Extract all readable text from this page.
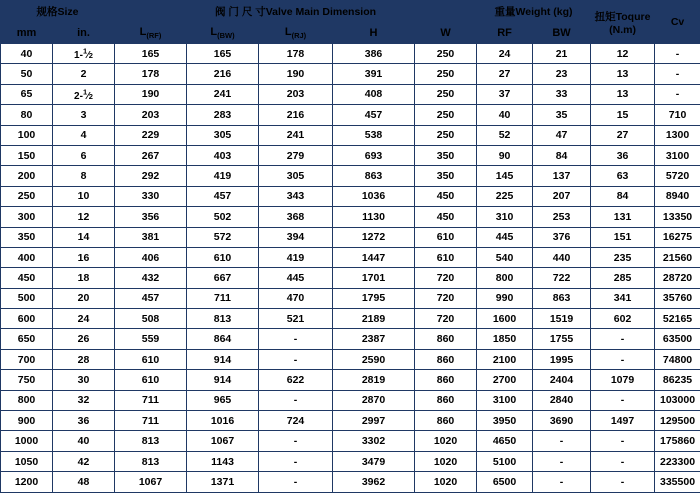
规格Size		阀 门 尺 寸Valve Main Dimension					重量Weight (kg)		扭矩Toqure (N.m)	Cv
mm	in.	$L_{(RF)}$	$L_{(BW)}$	$L_{(RJ)}$	H	W	RF	BW		
40	1-$^1$⁄2	165	165	178	386	250	24	21	12	-
50	2	178	216	190	391	250	27	23	13	-
65	2-$^1$⁄2	190	241	203	408	250	37	33	13	-
80	3	203	283	216	457	250	40	35	15	710
100	4	229	305	241	538	250	52	47	27	1300
150	6	267	403	279	693	350	90	84	36	3100
200	8	292	419	305	863	350	145	137	63	5720
250	10	330	457	343	1036	450	225	207	84	8940
300	12	356	502	368	1130	450	310	253	131	13350
350	14	381	572	394	1272	610	445	376	151	16275
400	16	406	610	419	1447	610	540	440	235	21560
450	18	432	667	445	1701	720	800	722	285	28720
500	20	457	711	470	1795	720	990	863	341	35760
600	24	508	813	521	2189	720	1600	1519	602	52165
650	26	559	864	-	2387	860	1850	1755	-	63500
700	28	610	914	-	2590	860	2100	1995	-	74800
750	30	610	914	622	2819	860	2700	2404	1079	86235
800	32	711	965	-	2870	860	3100	2840	-	103000
900	36	711	1016	724	2997	860	3950	3690	1497	129500
1000	40	813	1067	-	3302	1020	4650	-	-	175860
1050	42	813	1143	-	3479	1020	5100	-	-	223300
1200	48	1067	1371	-	3962	1020	6500	-	-	335500
